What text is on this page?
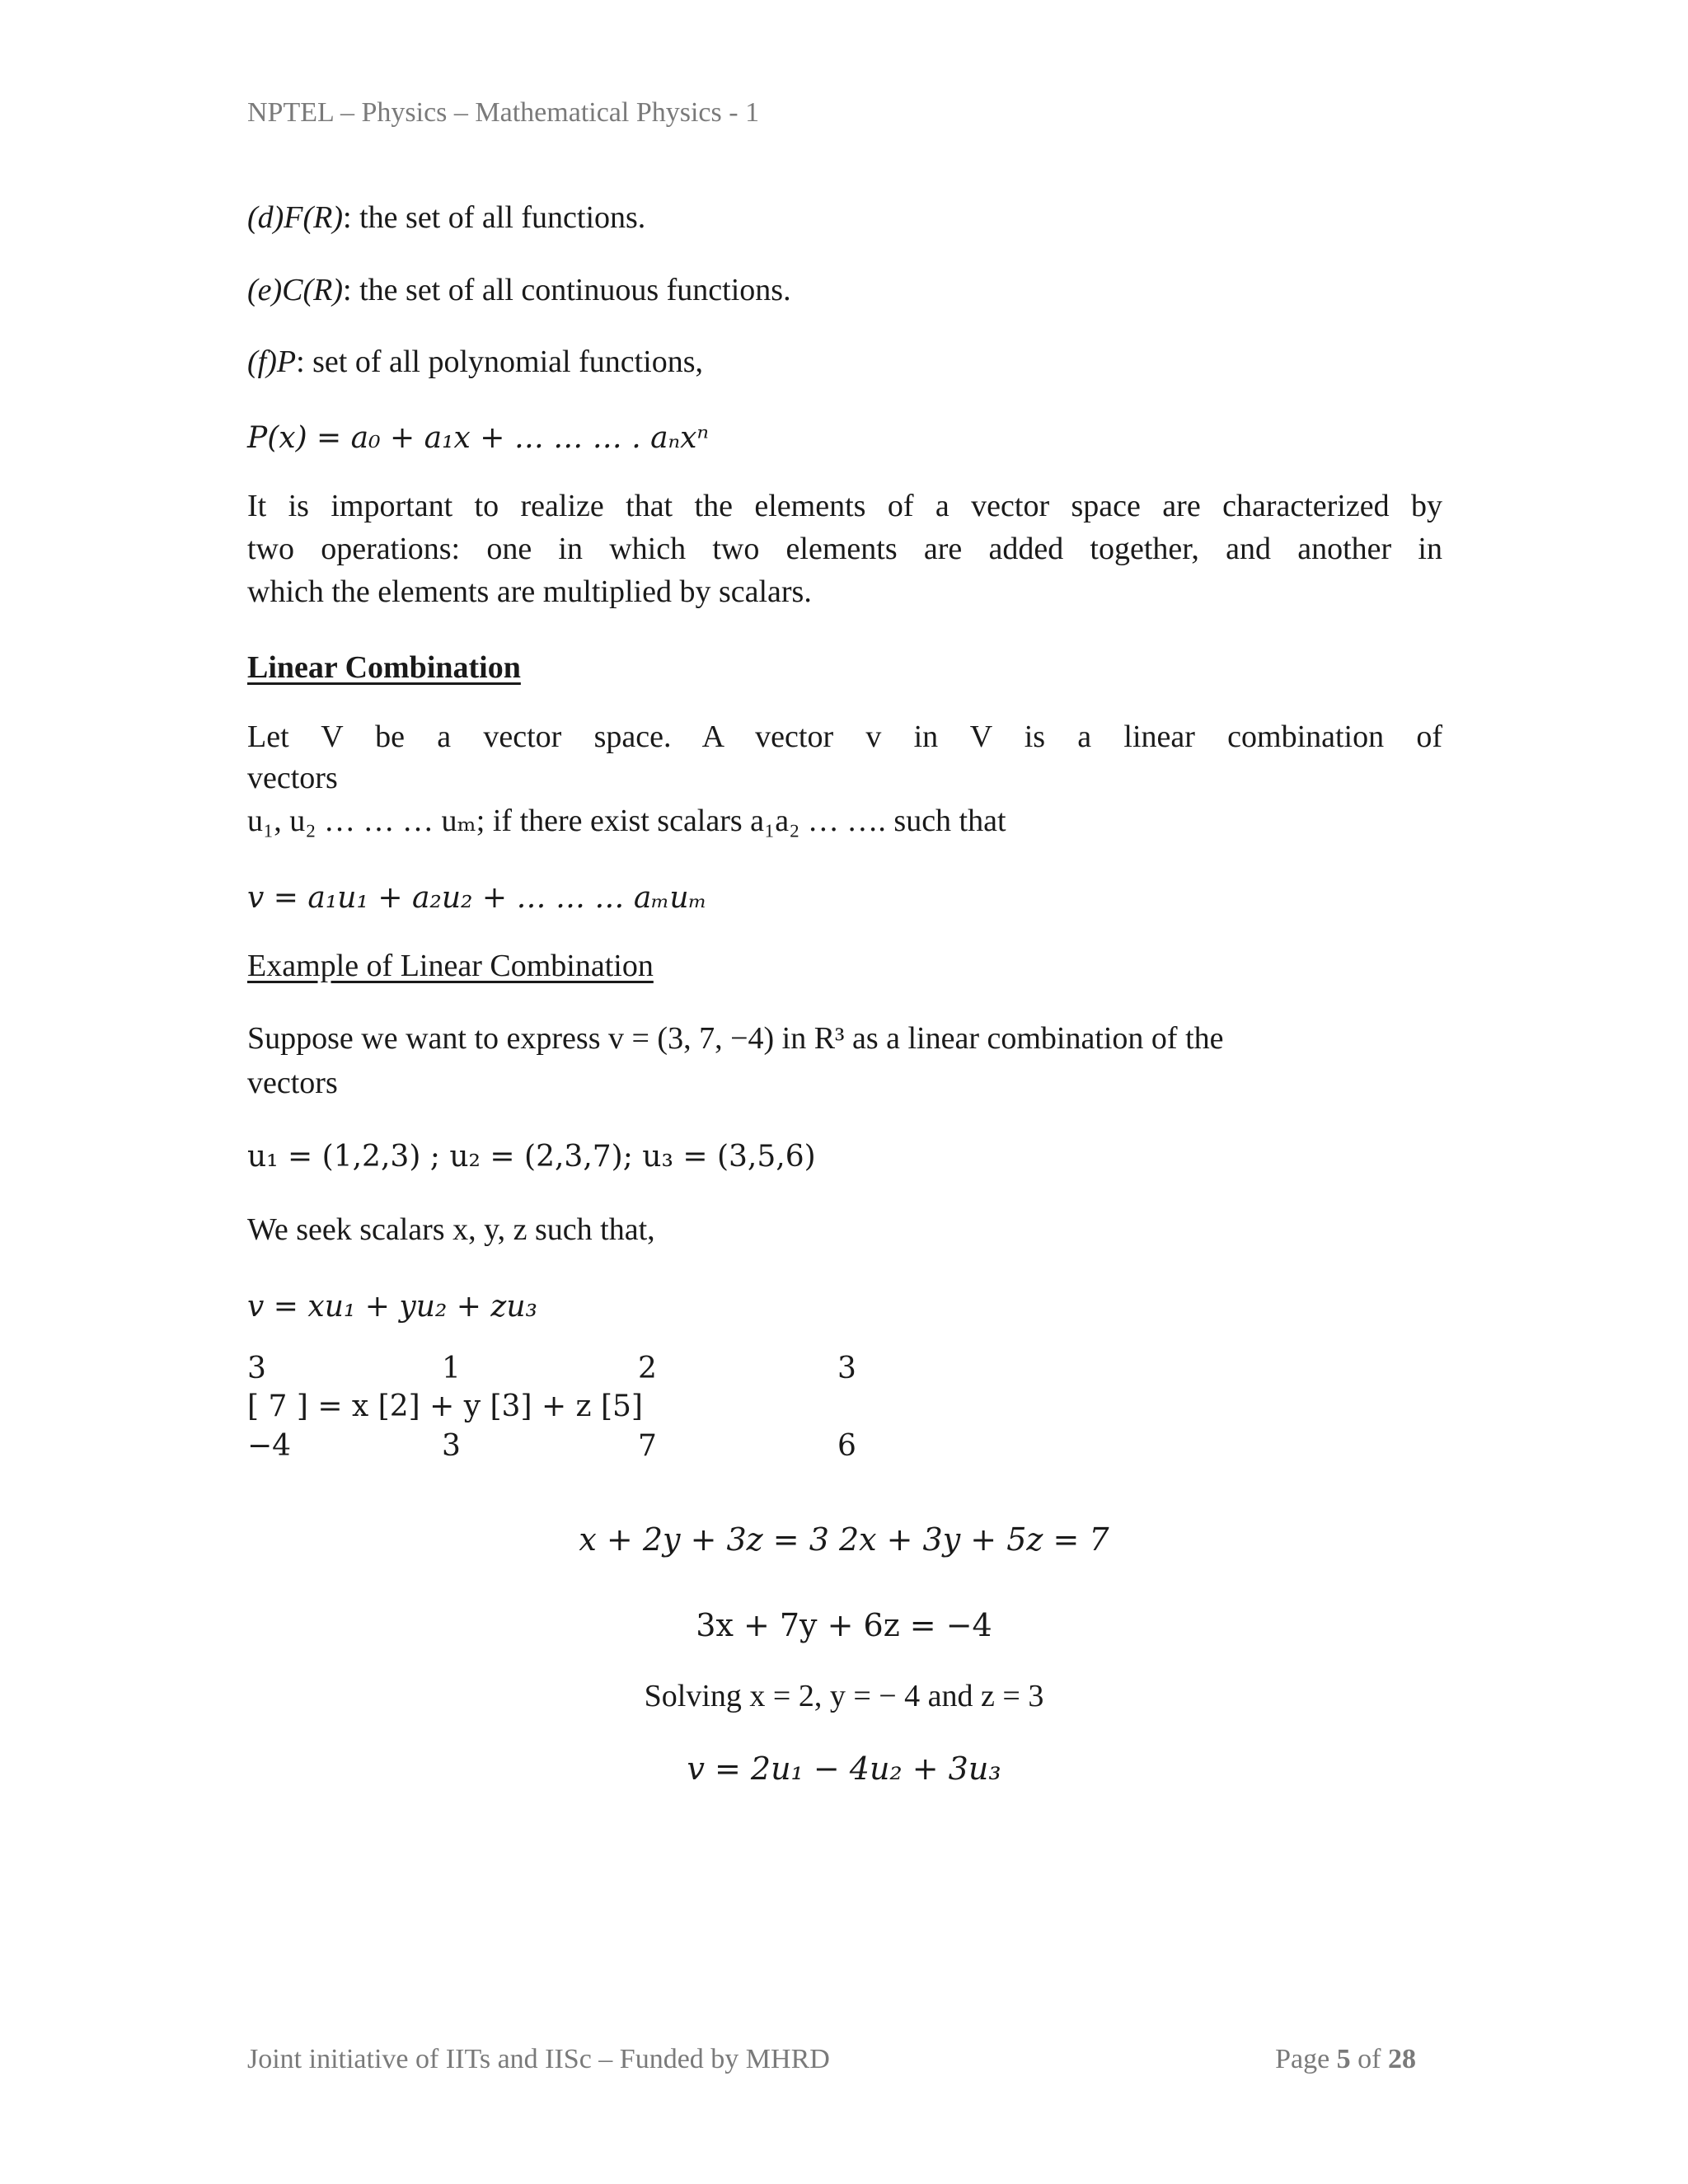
NPTEL – Physics – Mathematical Physics - 1
(d)F(R): the set of all functions.
(e)C(R): the set of all continuous functions.
(f)P: set of all polynomial functions,
P(x) = a₀ + a₁x + … … … . aₙxⁿ
It is important to realize that the elements of a vector space are characterized by
two operations: one in which two elements are added together, and another in
which the elements are multiplied by scalars.
Linear Combination
Let V be a vector space. A vector v in V is a linear combination of
vectors
u₁, u₂ … … … uₘ; if there exist scalars a₁a₂ … …. such that
v = a₁u₁ + a₂u₂ + … … … aₘuₘ
Example of Linear Combination
Suppose we want to express v = (3, 7, −4) in R³ as a linear combination of the
vectors
u₁ = (1,2,3) ; u₂ = (2,3,7); u₃ = (3,5,6)
We seek scalars x, y, z such that,
v = xu₁ + yu₂ + zu₃
3	1	2	3
[ 7 ] = x [2] + y [3] + z [5]
−4	3	7	6
x + 2y + 3z = 3 2x + 3y + 5z = 7
3x + 7y + 6z = −4
Solving x = 2, y = − 4 and z = 3
v = 2u₁ − 4u₂ + 3u₃
Joint initiative of IITs and IISc – Funded by MHRD	Page 5 of 28
